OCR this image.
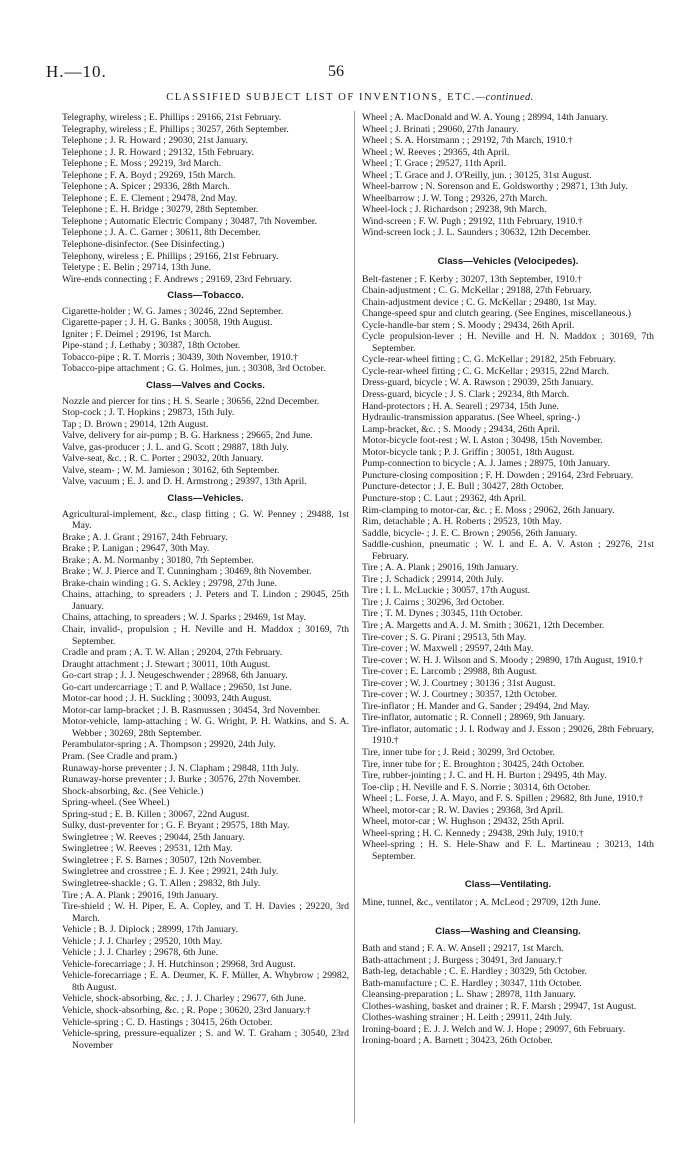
H.—10.	56
CLASSIFIED SUBJECT LIST OF INVENTIONS, ETC.—continued.

Telegraphy, wireless ; E. Phillips : 29166, 21st February.

Telegraphy, wireless ; E. Phillips ; 30257, 26th September.

Telephone ; J. R. Howard ; 29030, 21st January.

Telephone ; J. R. Howard ; 29132, 15th February.

Telephone ; E. Moss ; 29219, 3rd March.

Telephone ; F. A. Boyd ; 29269, 15th March.

Telephone ; A. Spicer ; 29336, 28th March.

Telephone ; E. E. Clement ; 29478, 2nd May.

Telephone ; E. H. Bridge ; 30279, 28th September.

Telephone ; Automatic Electric Company ; 30487, 7th November.

Telephone ; J. A. C. Garner ; 30611, 8th December.

Telephone-disinfector. (See Disinfecting.)

Telephony, wireless ; E. Phillips ; 29166, 21st February.

Teletype ; E. Belin ; 29714, 13th June.

Wire-ends connecting ; F. Andrews ; 29169, 23rd February.

Class—Tobacco.

Cigarette-holder ; W. G. James ; 30246, 22nd September.

Cigarette-paper ; J. H. G. Banks ; 30058, 19th August.

Igniter ; F. Deimel ; 29196, 1st March.

Pipe-stand ; J. Lethaby ; 30387, 18th October.

Tobacco-pipe ; R. T. Morris ; 30439, 30th November, 1910.†

Tobacco-pipe attachment ; G. G. Holmes, jun. ; 30308, 3rd October.

Class—Valves and Cocks.

Nozzle and piercer for tins ; H. S. Searle ; 30656, 22nd December.

Stop-cock ; J. T. Hopkins ; 29873, 15th July.

Tap ; D. Brown ; 29014, 12th August.

Valve, delivery for air-pump ; B. G. Harkness ; 29665, 2nd June.

Valve, gas-producer ; J. L. and G. Scott ; 29887, 18th July.

Valve-seat, &c. ; R. C. Porter ; 29032, 20th January.

Valve, steam- ; W. M. Jamieson ; 30162, 6th September.

Valve, vacuum ; E. J. and D. H. Armstrong ; 29397, 13th April.

Class—Vehicles.

Agricultural-implement, &c., clasp fitting ; G. W. Penney ; 29488, 1st May.

Brake ; A. J. Grant ; 29167, 24th February.

Brake ; P. Lanigan ; 29647, 30th May.

Brake ; A. M. Normanby ; 30180, 7th September.

Brake ; W. J. Pierce and T. Cunningham ; 30469, 8th November.

Brake-chain winding ; G. S. Ackley ; 29798, 27th June.

Chains, attaching, to spreaders ; J. Peters and T. Lindon ; 29045, 25th January.

Chains, attaching, to spreaders ; W. J. Sparks ; 29469, 1st May.

Chair, invalid-, propulsion ; H. Neville and H. Maddox ; 30169, 7th September.

Cradle and pram ; A. T. W. Allan ; 29204, 27th February.

Draught attachment ; J. Stewart ; 30011, 10th August.

Go-cart strap ; J. J. Neugeschwender ; 28968, 6th January.

Go-cart undercarriage ; T. and P. Wallace ; 29650, 1st June.

Motor-car hood ; J. H. Suckling ; 30093, 24th August.

Motor-car lamp-bracket ; J. B. Rasmussen ; 30454, 3rd November.

Motor-vehicle, lamp-attaching ; W. G. Wright, P. H. Watkins, and S. A. Webber ; 30269, 28th September.

Perambulator-spring ; A. Thompson ; 29920, 24th July.

Pram. (See Cradle and pram.)

Runaway-horse preventer ; J. N. Clapham ; 29848, 11th July.

Runaway-horse preventer ; J. Burke ; 30576, 27th November.

Shock-absorbing, &c. (See Vehicle.)

Spring-wheel. (See Wheel.)

Spring-stud ; E. B. Killen ; 30067, 22nd August.

Sulky, dust-preventer for ; G. F. Bryant ; 29575, 18th May.

Swingletree ; W. Reeves ; 29044, 25th January.

Swingletree ; W. Reeves ; 29531, 12th May.

Swingletree ; F. S. Barnes ; 30507, 12th November.

Swingletree and crosstree ; E. J. Kee ; 29921, 24th July.

Swingletree-shackle ; G. T. Allen ; 29832, 8th July.

Tire ; A. A. Plank ; 29016, 19th January.

Tire-shield ; W. H. Piper, E. A. Copley, and T. H. Davies ; 29220, 3rd March.

Vehicle ; B. J. Diplock ; 28999, 17th January.

Vehicle ; J. J. Charley ; 29520, 10th May.

Vehicle ; J. J. Charley ; 29678, 6th June.

Vehicle-forecarriage ; J. H. Hutchinson ; 29968, 3rd August.

Vehicle-forecarriage ; E. A. Deumer, K. F. Müller, A. Whybrow ; 29982, 8th August.

Vehicle, shock-absorbing, &c. ; J. J. Charley ; 29677, 6th June.

Vehicle, shock-absorbing, &c. ; R. Pope ; 30620, 23rd January.†

Vehicle-spring ; C. D. Hastings ; 30415, 26th October.

Vehicle-spring, pressure-equalizer ; S. and W. T. Graham ; 30540, 23rd November

Wheel ; A. MacDonald and W. A. Young ; 28994, 14th January.

Wheel ; J. Brinati ; 29060, 27th Janaury.

Wheel ; S. A. Horstmann ; ; 29192, 7th March, 1910.†

Wheel ; W. Reeves ; 29365, 4th April.

Wheel ; T. Grace ; 29527, 11th April.

Wheel ; T. Grace and J. O'Reilly, jun. ; 30125, 31st August.

Wheel-barrow ; N. Sorenson and E. Goldsworthy ; 29871, 13th July.

Wheelbarrow ; J. W. Tong ; 29326, 27th March.

Wheel-lock ; J. Richardson ; 29238, 9th March.

Wind-screen ; F. W. Pugh ; 29192, 11th February, 1910.†

Wind-screen lock ; J. L. Saunders ; 30632, 12th December.

Class—Vehicles (Velocipedes).

Belt-fastener ; F. Kerby ; 30207, 13th September, 1910.†

Chain-adjustment ; C. G. McKellar ; 29188, 27th February.

Chain-adjustment device ; C. G. McKellar ; 29480, 1st May.

Change-speed spur and clutch gearing. (See Engines, miscellaneous.)

Cycle-handle-bar stem ; S. Moody ; 29434, 26th April.

Cycle propulsion-lever ; H. Neville and H. N. Maddox ; 30169, 7th September.

Cycle-rear-wheel fitting ; C. G. McKellar ; 29182, 25th February.

Cycle-rear-wheel fitting ; C. G. McKellar ; 29315, 22nd March.

Dress-guard, bicycle ; W. A. Rawson ; 29039, 25th January.

Dress-guard, bicycle ; J. S. Clark ; 29234, 8th March.

Hand-protectors ; H. A. Searell ; 29734, 15th June.

Hydraulic-transmission apparatus. (See Wheel, spring-.)

Lamp-bracket, &c. ; S. Moody ; 29434, 26th April.

Motor-bicycle foot-rest ; W. I. Aston ; 30498, 15th November.

Motor-bicycle tank ; P. J. Griffin ; 30051, 18th August.

Pump-connection to bicycle ; A. J. James ; 28975, 10th January.

Puncture-closing composition ; F. H. Dowden ; 29164, 23rd February.

Puncture-detector ; J. E. Bull ; 30427, 28th October.

Puncture-stop ; C. Laut ; 29362, 4th April.

Rim-clamping to motor-car, &c. ; E. Moss ; 29062, 26th January.

Rim, detachable ; A. H. Roberts ; 29523, 10th May.

Saddle, bicycle- ; J. E. C. Brown ; 29056, 26th January.

Saddle-cushion, pneumatic ; W. I. and E. A. V. Aston ; 29276, 21st February.

Tire ; A. A. Plank ; 29016, 19th January.

Tire ; J. Schadick ; 29914, 20th July.

Tire ; I. L. McLuckie ; 30057, 17th August.

Tire ; J. Cairns ; 30296, 3rd October.

Tire ; T. M. Dynes ; 30345, 11th October.

Tire ; A. Margetts and A. J. M. Smith ; 30621, 12th December.

Tire-cover ; S. G. Pirani ; 29513, 5th May.

Tire-cover ; W. Maxwell ; 29597, 24th May.

Tire-cover ; W. H. J. Wilson and S. Moody ; 29890, 17th August, 1910.†

Tire-cover ; E. Larcomb ; 29988, 8th August.

Tire-cover ; W. J. Courtney ; 30136 ; 31st August.

Tire-cover ; W. J. Courtney ; 30357, 12th October.

Tire-inflator ; H. Mander and G. Sander ; 29494, 2nd May.

Tire-inflator, automatic ; R. Connell ; 28969, 9th January.

Tire-inflator, automatic ; J. I. Rodway and J. Esson ; 29026, 28th February, 1910.†

Tire, inner tube for ; J. Reid ; 30299, 3rd October.

Tire, inner tube for ; E. Broughton ; 30425, 24th October.

Tire, rubber-jointing ; J. C. and H. H. Burton ; 29495, 4th May.

Toe-clip ; H. Neville and F. S. Norrie ; 30314, 6th October.

Wheel ; L. Forse, J. A. Mayo, and F. S. Spillen ; 29682, 8th June, 1910.†

Wheel, motor-car ; R. W. Davies ; 29368, 3rd April.

Wheel, motor-car ; W. Hughson ; 29432, 25th April.

Wheel-spring ; H. C. Kennedy ; 29438, 29th July, 1910.†

Wheel-spring ; H. S. Hele-Shaw and F. L. Martineau ; 30213, 14th September.

Class—Ventilating.

Mine, tunnel, &c., ventilator ; A. McLeod ; 29709, 12th June.

Class—Washing and Cleansing.

Bath and stand ; F. A. W. Ansell ; 29217, 1st March.

Bath-attachment ; J. Burgess ; 30491, 3rd January.†

Bath-leg, detachable ; C. E. Hardley ; 30329, 5th October.

Bath-manufacture ; C. E. Hardley ; 30347, 11th October.

Cleansing-preparation ; L. Shaw ; 28978, 11th January.

Clothes-washing, basket and drainer ; R. F. Marsh ; 29947, 1st August.

Clothes-washing strainer ; H. Leith ; 29911, 24th July.

Ironing-board ; E. J. J. Welch and W. J. Hope ; 29097, 6th February.

Ironing-board ; A. Barnett ; 30423, 26th October.
